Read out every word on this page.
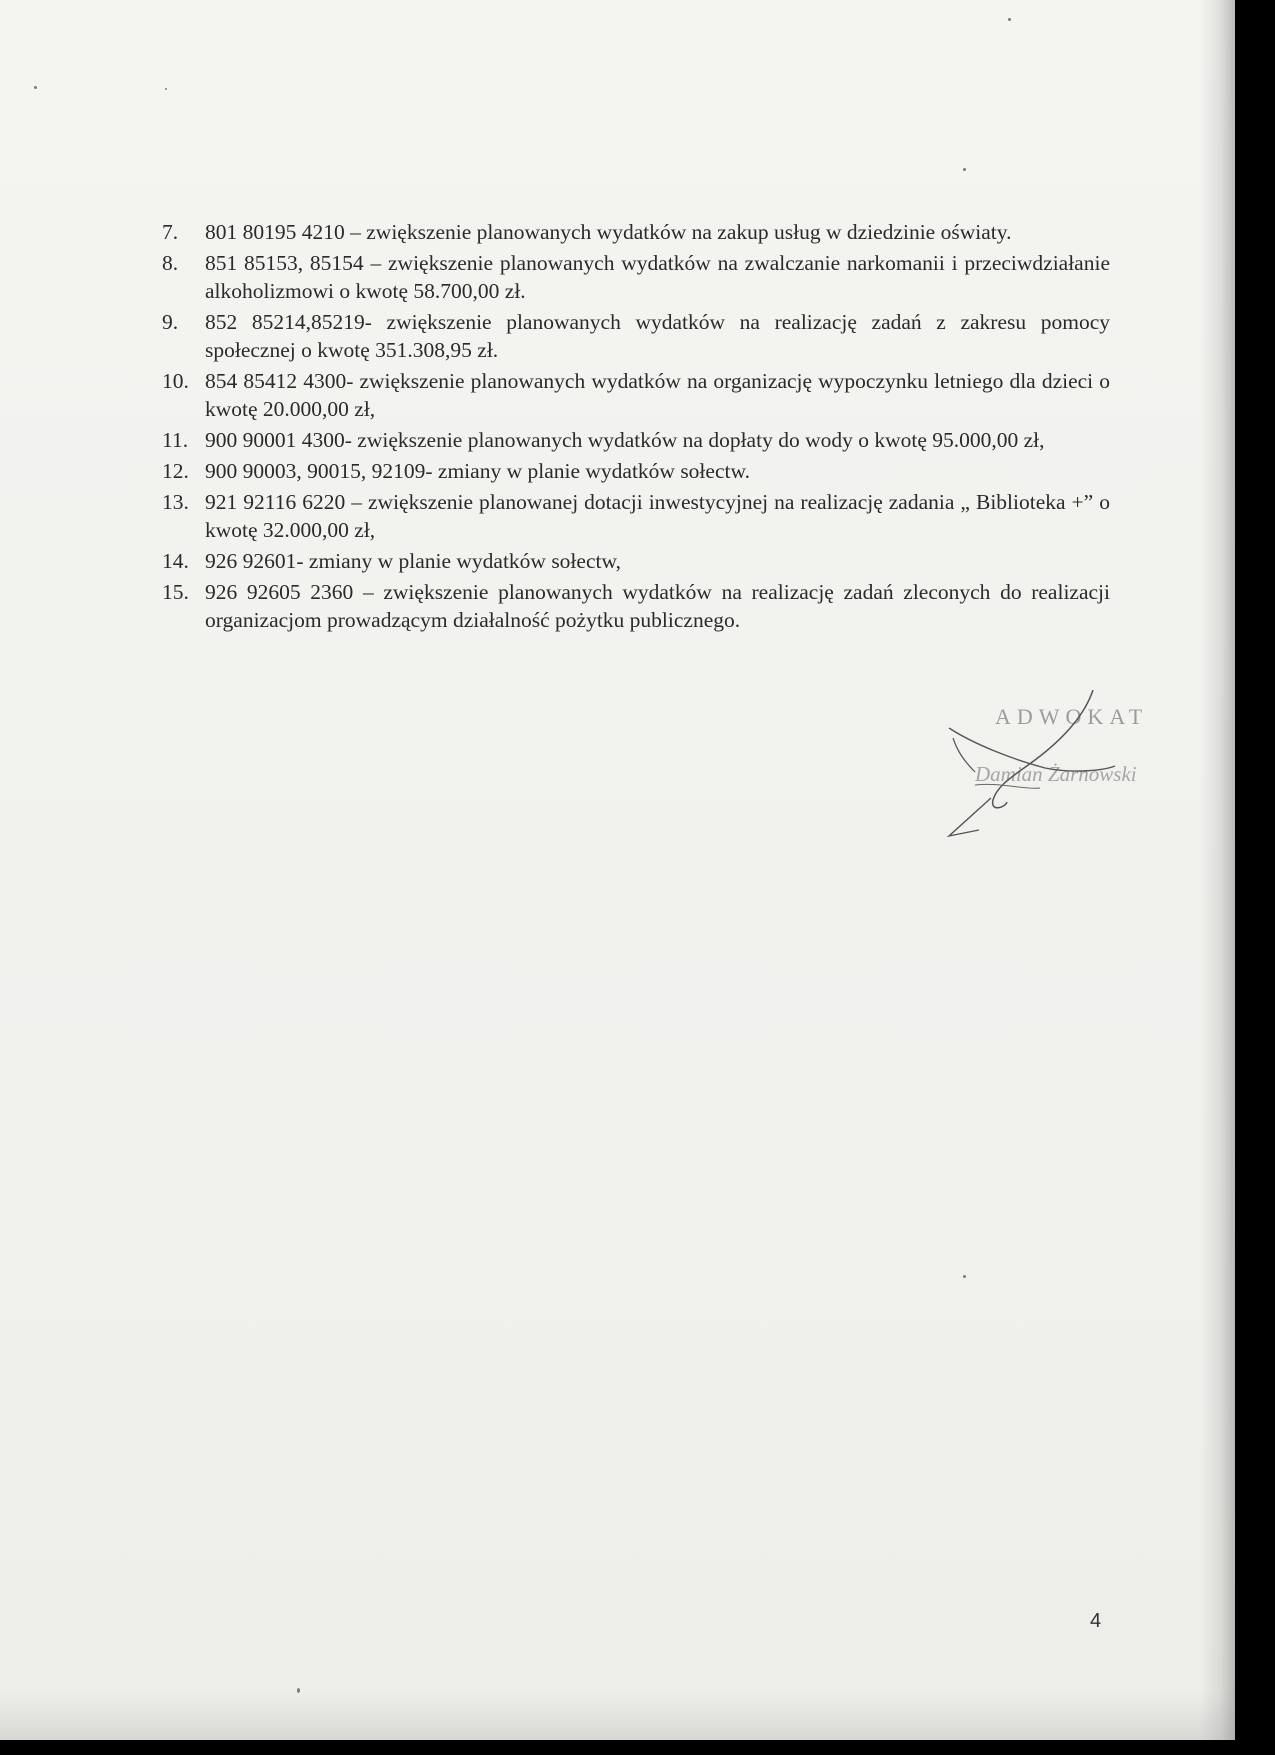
7. 801 80195 4210 – zwiększenie planowanych wydatków na zakup usług w dziedzinie oświaty.
8. 851 85153, 85154 – zwiększenie planowanych wydatków na zwalczanie narkomanii i przeciwdziałanie alkoholizmowi o kwotę 58.700,00 zł.
9. 852 85214,85219- zwiększenie planowanych wydatków na realizację zadań z zakresu pomocy społecznej o kwotę 351.308,95 zł.
10. 854 85412 4300- zwiększenie planowanych wydatków na organizację wypoczynku letniego dla dzieci o kwotę 20.000,00 zł,
11. 900 90001 4300- zwiększenie planowanych wydatków na dopłaty do wody o kwotę 95.000,00 zł,
12. 900 90003, 90015, 92109- zmiany w planie wydatków sołectw.
13. 921 92116 6220 – zwiększenie planowanej dotacji inwestycyjnej na realizację zadania „ Biblioteka +” o kwotę 32.000,00 zł,
14. 926 92601- zmiany w planie wydatków sołectw,
15. 926 92605 2360 – zwiększenie planowanych wydatków na realizację zadań zleconych do realizacji organizacjom prowadzącym działalność pożytku publicznego.
ADWOKAT
Damian Żarnowski
4
